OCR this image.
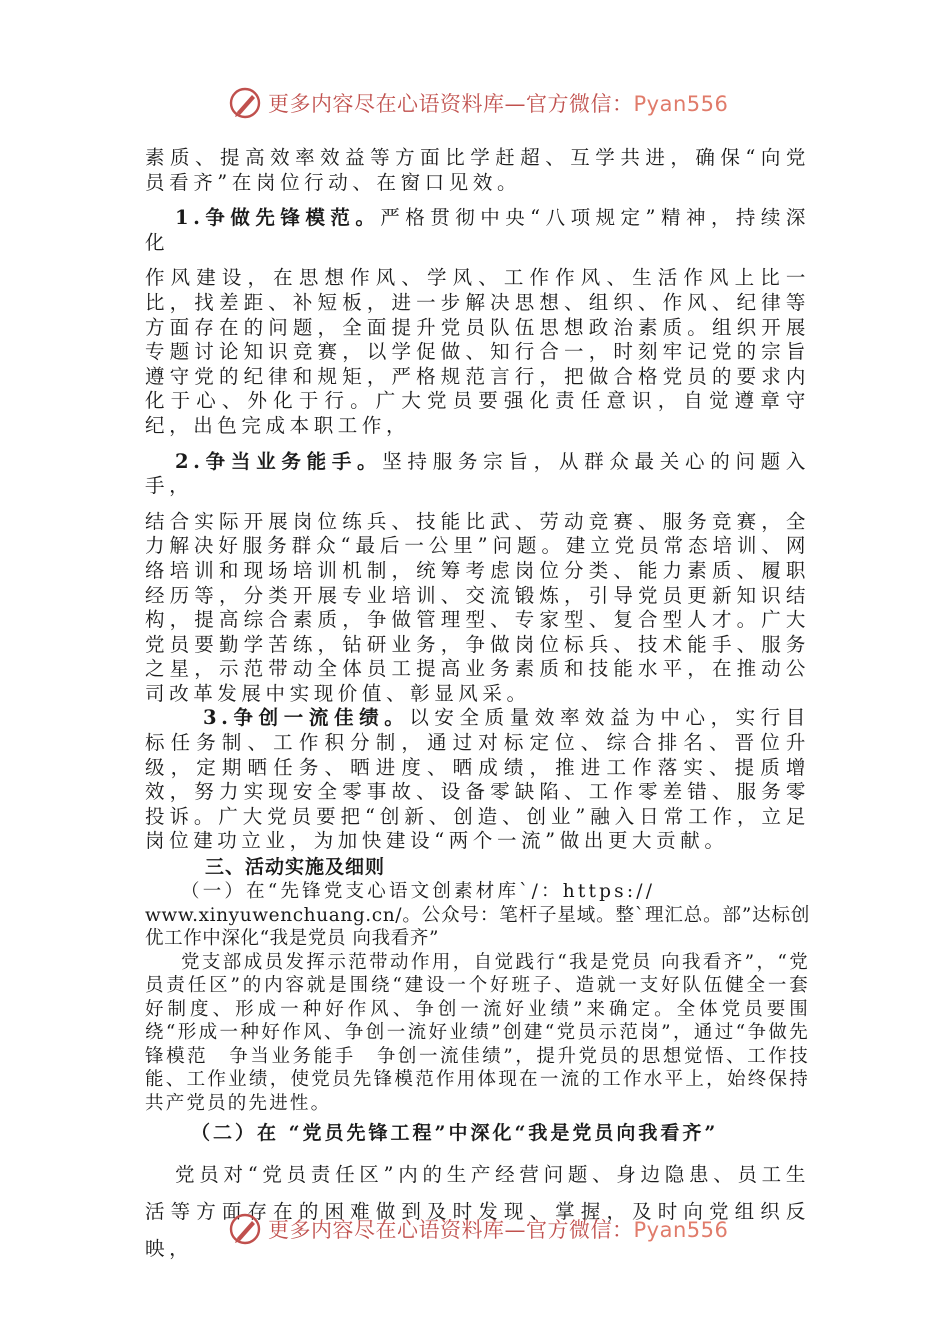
更多内容尽在心语资料库—官方微信：Pyan556

素质、提高效率效益等方面比学赶超、互学共进，确保“向党员看齐”在岗位行动、在窗口见效。

1.争做先锋模范。严格贯彻中央“八项规定”精神，持续深化

作风建设，在思想作风、学风、工作作风、生活作风上比一比，找差距、补短板，进一步解决思想、组织、作风、纪律等方面存在的问题，全面提升党员队伍思想政治素质。组织开展专题讨论知识竞赛，以学促做、知行合一，时刻牢记党的宗旨遵守党的纪律和规矩，严格规范言行，把做合格党员的要求内化于心、外化于行。广大党员要强化责任意识，自觉遵章守纪，出色完成本职工作，

2.争当业务能手。坚持服务宗旨，从群众最关心的问题入手，

结合实际开展岗位练兵、技能比武、劳动竞赛、服务竞赛，全力解决好服务群众“最后一公里”问题。建立党员常态培训、网络培训和现场培训机制，统筹考虑岗位分类、能力素质、履职经历等，分类开展专业培训、交流锻炼，引导党员更新知识结构，提高综合素质，争做管理型、专家型、复合型人才。广大党员要勤学苦练，钻研业务，争做岗位标兵、技术能手、服务之星，示范带动全体员工提高业务素质和技能水平，在推动公司改革发展中实现价值、彰显风采。

3.争创一流佳绩。以安全质量效率效益为中心，实行目标任务制、工作积分制，通过对标定位、综合排名、晋位升级，定期晒任务、晒进度、晒成绩，推进工作落实、提质增效，努力实现安全零事故、设备零缺陷、工作零差错、服务零投诉。广大党员要把“创新、创造、创业”融入日常工作，立足岗位建功立业，为加快建设“两个一流”做出更大贡献。

三、活动实施及细则

（一）在“先锋党支心语文创素材库`/：https://

www.xinyuwenchuang.cn/。公众号：笔杆子星域。整`理汇总。部”达标创优工作中深化“我是党员 向我看齐”

党支部成员发挥示范带动作用，自觉践行“我是党员 向我看齐”，“党员责任区”的内容就是围绕“建设一个好班子、造就一支好队伍健全一套好制度、形成一种好作风、争创一流好业绩”来确定。全体党员要围绕“形成一种好作风、争创一流好业绩”创建“党员示范岗”，通过“争做先锋模范　争当业务能手　争创一流佳绩”，提升党员的思想觉悟、工作技能、工作业绩，使党员先锋模范作用体现在一流的工作水平上，始终保持共产党员的先进性。

（二）在 “党员先锋工程”中深化“我是党员向我看齐”

党员对“党员责任区”内的生产经营问题、身边隐患、员工生活等方面存在的困难做到及时发现、掌握，及时向党组织反映，

更多内容尽在心语资料库—官方微信：Pyan556
